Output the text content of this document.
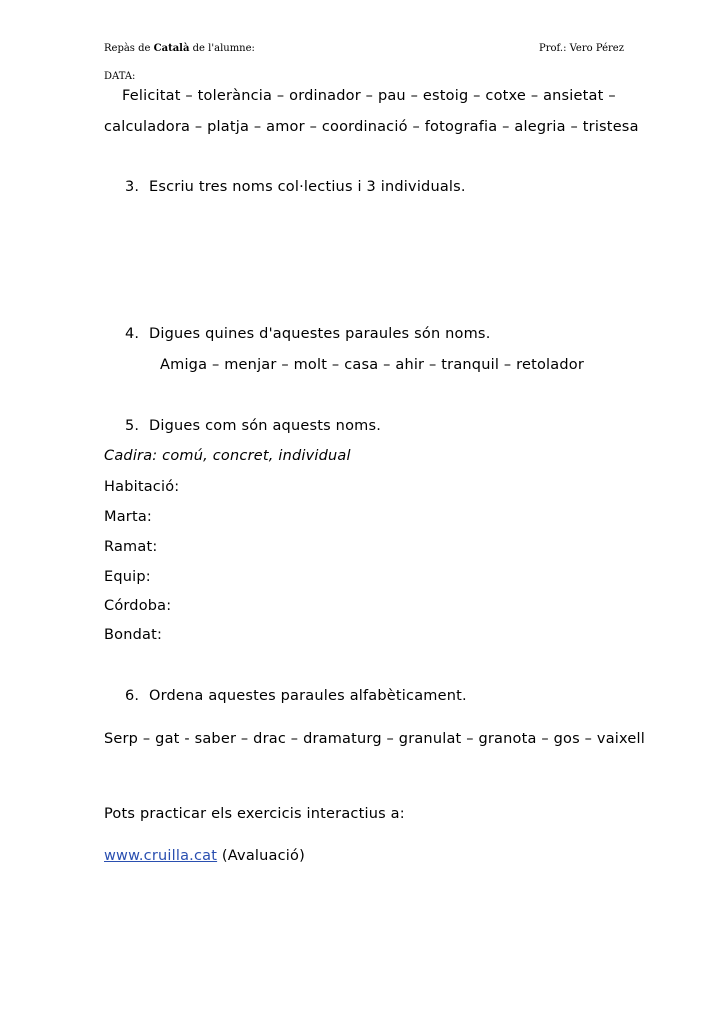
Repàs de Català de l'alumne:	Prof.: Vero Pérez
DATA:
Felicitat – tolerància – ordinador – pau – estoig – cotxe – ansietat –
calculadora – platja – amor – coordinació – fotografia – alegria – tristesa
3. Escriu tres noms col·lectius i 3 individuals.
4. Digues quines d'aquestes paraules són noms.
Amiga – menjar – molt – casa – ahir – tranquil – retolador
5. Digues com són aquests noms.
Cadira: comú, concret, individual
Habitació:
Marta:
Ramat:
Equip:
Córdoba:
Bondat:
6. Ordena aquestes paraules alfabèticament.
Serp – gat - saber – drac – dramaturg – granulat – granota – gos – vaixell
Pots practicar els exercicis interactius a:
www.cruilla.cat (Avaluació)
